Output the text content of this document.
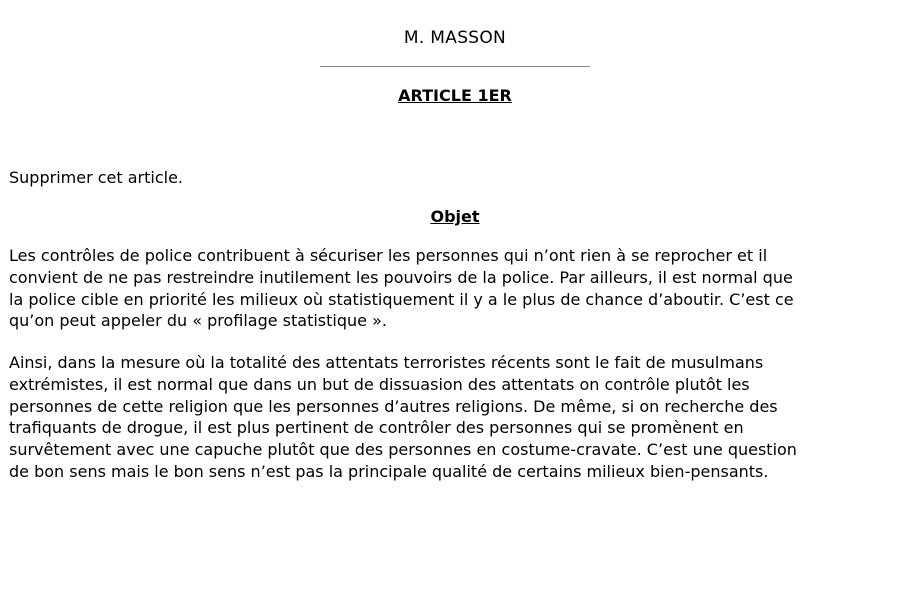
M. MASSON
ARTICLE 1ER
Supprimer cet article.
Objet

Les contrôles de police contribuent à sécuriser les personnes qui n’ont rien à se reprocher et il
convient de ne pas restreindre inutilement les pouvoirs de la police. Par ailleurs, il est normal que
la police cible en priorité les milieux où statistiquement il y a le plus de chance d’aboutir. C’est ce
qu’on peut appeler du « profilage statistique ».

Ainsi, dans la mesure où la totalité des attentats terroristes récents sont le fait de musulmans
extrémistes, il est normal que dans un but de dissuasion des attentats on contrôle plutôt les
personnes de cette religion que les personnes d’autres religions. De même, si on recherche des
trafiquants de drogue, il est plus pertinent de contrôler des personnes qui se promènent en
survêtement avec une capuche plutôt que des personnes en costume-cravate. C’est une question
de bon sens mais le bon sens n’est pas la principale qualité de certains milieux bien-pensants.
